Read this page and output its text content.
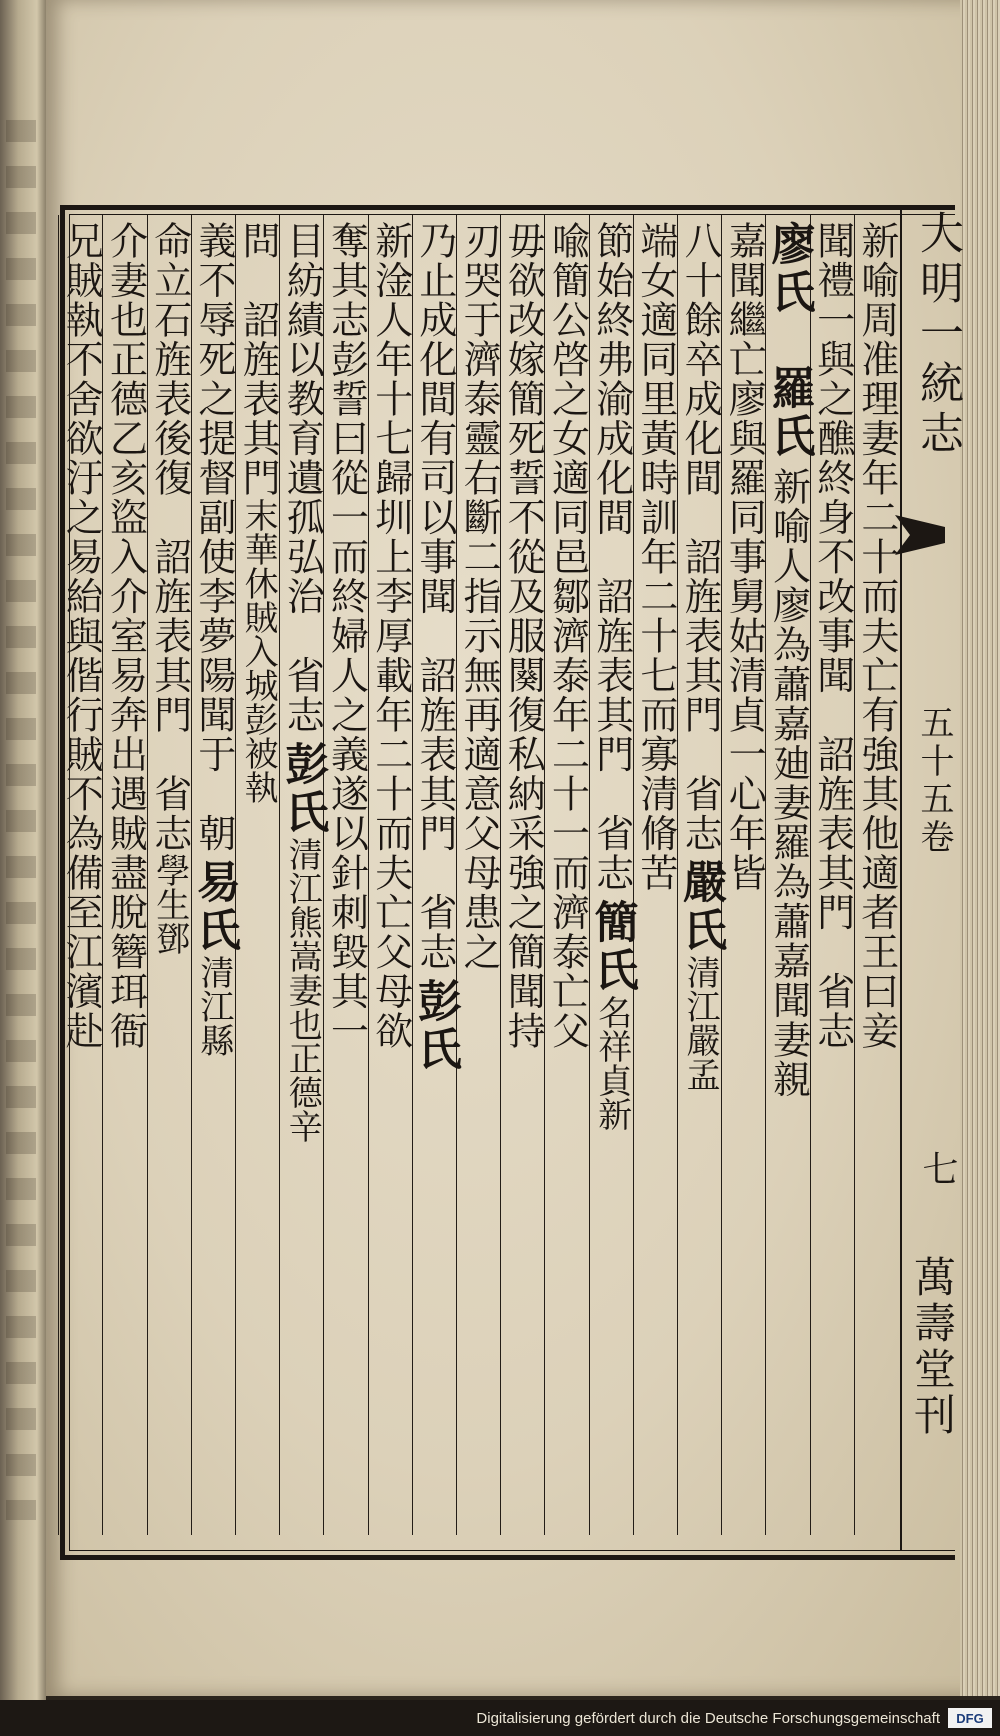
大明一統志
五十五卷
七
萬壽堂刊
新喻周准理妻年二十而夫亡有強其他適者王曰妾
聞禮一與之醮終身不改事聞　詔旌表其門　省志
廖氏　羅氏
新喻人廖為蕭嘉廸妻羅為蕭嘉聞妻親
嘉聞繼亡廖與羅同事舅姑清貞一心年皆
八十餘卒成化間　詔旌表其門　省志
嚴氏
清江嚴孟
端女適同里黃時訓年二十七而寡清脩苦
節始終弗渝成化間　詔旌表其門　省志
簡氏
名祥貞新
喩簡公啓之女適同邑鄒濟泰年二十一而濟泰亡父
毋欲改嫁簡死誓不從及服闋復私納采強之簡聞持
刃哭于濟泰靈右斷二指示無再適意父母患之
乃止成化間有司以事聞　詔旌表其門　省志
彭氏
新淦人年十七歸圳上李厚載年二十而夫亡父母欲
奪其志彭誓曰從一而終婦人之義遂以針刺毀其一
目紡績以教育遺孤弘治　省志
彭氏
清江熊嵩妻也正德辛
問　詔旌表其門
末華休賊入城彭被執
義不辱死之提督副使李夢陽聞于　朝
易氏
清江縣
命立石旌表後復　詔旌表其門　省志
學生鄧
介妻也正德乙亥盜入介室易奔出遇賊盡脫簪珥衙
兄賊執不舍欲汙之易紿與偕行賊不為備至江濱赴
Digitalisierung gefördert durch die Deutsche Forschungsgemeinschaft	DFG
